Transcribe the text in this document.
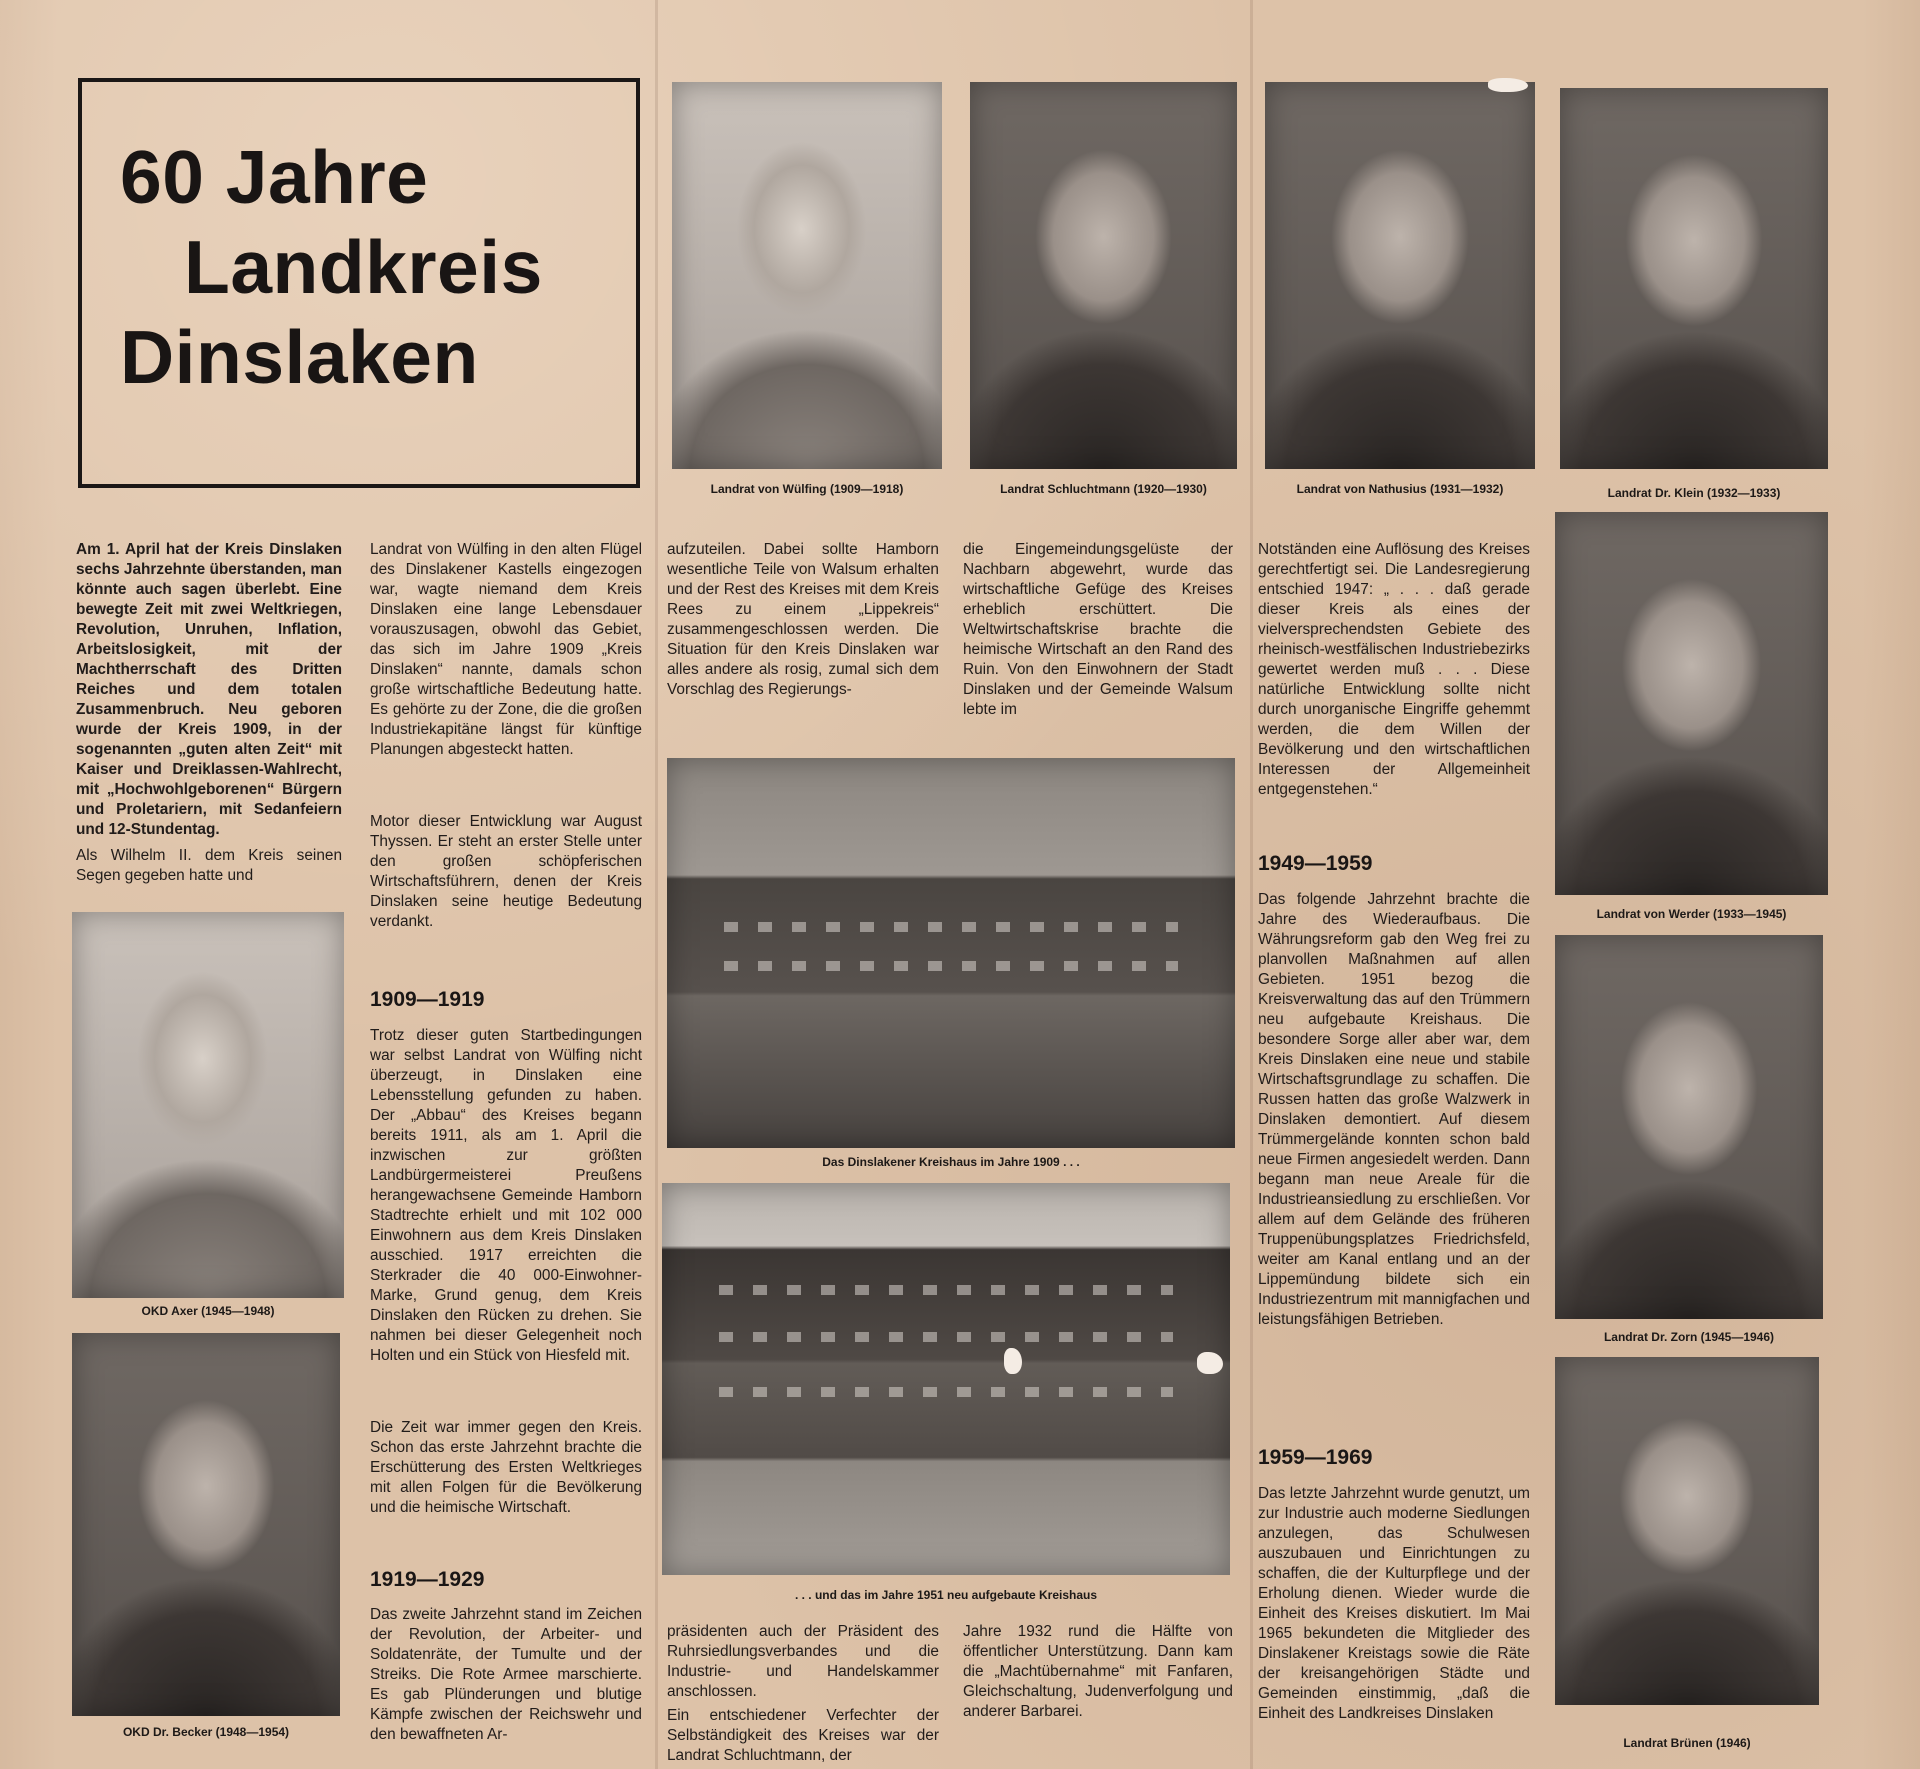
60 Jahre
Landkreis
Dinslaken
Landrat von Wülfing (1909—1918)	Landrat Schluchtmann (1920—1930)	Landrat von Nathusius (1931—1932)	Landrat Dr. Klein (1932—1933)
Landrat von Werder (1933—1945)
Landrat Dr. Zorn (1945—1946)
Landrat Brünen (1946)
OKD Axer (1945—1948)
OKD Dr. Becker (1948—1954)
Das Dinslakener Kreishaus im Jahre 1909 . . .
. . . und das im Jahre 1951 neu aufgebaute Kreishaus
Am 1. April hat der Kreis Dinslaken sechs Jahrzehnte überstanden, man könnte auch sagen überlebt. Eine bewegte Zeit mit zwei Weltkriegen, Revolution, Unruhen, Inflation, Arbeitslosigkeit, mit der Machtherrschaft des Dritten Reiches und dem totalen Zusammenbruch. Neu geboren wurde der Kreis 1909, in der sogenannten „guten alten Zeit“ mit Kaiser und Dreiklassen-Wahlrecht, mit „Hochwohlgeborenen“ Bürgern und Proletariern, mit Sedanfeiern und 12-Stundentag.
Als Wilhelm II. dem Kreis seinen Segen gegeben hatte und
Landrat von Wülfing in den alten Flügel des Dinslakener Kastells eingezogen war, wagte niemand dem Kreis Dinslaken eine lange Lebensdauer vorauszusagen, obwohl das Gebiet, das sich im Jahre 1909 „Kreis Dinslaken“ nannte, damals schon große wirtschaftliche Bedeutung hatte. Es gehörte zu der Zone, die die großen Industriekapitäne längst für künftige Planungen abgesteckt hatten.
Motor dieser Entwicklung war August Thyssen. Er steht an erster Stelle unter den großen schöpferischen Wirtschaftsführern, denen der Kreis Dinslaken seine heutige Bedeutung verdankt.
1909—1919
Trotz dieser guten Startbedingungen war selbst Landrat von Wülfing nicht überzeugt, in Dinslaken eine Lebensstellung gefunden zu haben. Der „Abbau“ des Kreises begann bereits 1911, als am 1. April die inzwischen zur größten Landbürgermeisterei Preußens herangewachsene Gemeinde Hamborn Stadtrechte erhielt und mit 102 000 Einwohnern aus dem Kreis Dinslaken ausschied. 1917 erreichten die Sterkrader die 40 000-Einwohner-Marke, Grund genug, dem Kreis Dinslaken den Rücken zu drehen. Sie nahmen bei dieser Gelegenheit noch Holten und ein Stück von Hiesfeld mit.
Die Zeit war immer gegen den Kreis. Schon das erste Jahrzehnt brachte die Erschütterung des Ersten Weltkrieges mit allen Folgen für die Bevölkerung und die heimische Wirtschaft.
1919—1929
Das zweite Jahrzehnt stand im Zeichen der Revolution, der Arbeiter- und Soldatenräte, der Tumulte und der Streiks. Die Rote Armee marschierte. Es gab Plünderungen und blutige Kämpfe zwischen der Reichswehr und den bewaffneten Ar-
aufzuteilen. Dabei sollte Hamborn wesentliche Teile von Walsum erhalten und der Rest des Kreises mit dem Kreis Rees zu einem „Lippekreis“ zusammengeschlossen werden. Die Situation für den Kreis Dinslaken war alles andere als rosig, zumal sich dem Vorschlag des Regierungs-
präsidenten auch der Präsident des Ruhrsiedlungsverbandes und die Industrie- und Handelskammer anschlossen.
Ein entschiedener Verfechter der Selbständigkeit des Kreises war der Landrat Schluchtmann, der
die Eingemeindungsgelüste der Nachbarn abgewehrt, wurde das wirtschaftliche Gefüge des Kreises erheblich erschüttert. Die Weltwirtschaftskrise brachte die heimische Wirtschaft an den Rand des Ruin. Von den Einwohnern der Stadt Dinslaken und der Gemeinde Walsum lebte im
Jahre 1932 rund die Hälfte von öffentlicher Unterstützung. Dann kam die „Machtübernahme“ mit Fanfaren, Gleichschaltung, Judenverfolgung und anderer Barbarei.
Notständen eine Auflösung des Kreises gerechtfertigt sei. Die Landesregierung entschied 1947: „ . . . daß gerade dieser Kreis als eines der vielversprechendsten Gebiete des rheinisch-westfälischen Industriebezirks gewertet werden muß . . . Diese natürliche Entwicklung sollte nicht durch unorganische Eingriffe gehemmt werden, die dem Willen der Bevölkerung und den wirtschaftlichen Interessen der Allgemeinheit entgegenstehen.“
1949—1959
Das folgende Jahrzehnt brachte die Jahre des Wiederaufbaus. Die Währungsreform gab den Weg frei zu planvollen Maßnahmen auf allen Gebieten. 1951 bezog die Kreisverwaltung das auf den Trümmern neu aufgebaute Kreishaus. Die besondere Sorge aller aber war, dem Kreis Dinslaken eine neue und stabile Wirtschaftsgrundlage zu schaffen. Die Russen hatten das große Walzwerk in Dinslaken demontiert. Auf diesem Trümmergelände konnten schon bald neue Firmen angesiedelt werden. Dann begann man neue Areale für die Industrieansiedlung zu erschließen. Vor allem auf dem Gelände des früheren Truppenübungsplatzes Friedrichsfeld, weiter am Kanal entlang und an der Lippemündung bildete sich ein Industriezentrum mit mannigfachen und leistungsfähigen Betrieben.
1959—1969
Das letzte Jahrzehnt wurde genutzt, um zur Industrie auch moderne Siedlungen anzulegen, das Schulwesen auszubauen und Einrichtungen zu schaffen, die der Kulturpflege und der Erholung dienen. Wieder wurde die Einheit des Kreises diskutiert. Im Mai 1965 bekundeten die Mitglieder des Dinslakener Kreistags sowie die Räte der kreisangehörigen Städte und Gemeinden einstimmig, „daß die Einheit des Landkreises Dinslaken
